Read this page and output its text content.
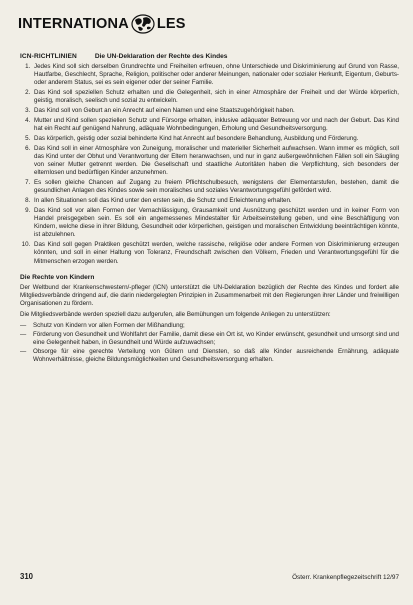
INTERNATIONA LES
ICN-RICHTLINIEN	Die UN-Deklaration der Rechte des Kindes
1. Jedes Kind soll sich derselben Grundrechte und Freiheiten erfreuen, ohne Unterschiede und Diskriminierung auf Grund von Rasse, Hautfarbe, Geschlecht, Sprache, Religion, politischer oder anderer Meinungen, nationaler oder sozialer Herkunft, Eigentum, Geburts- oder anderem Status, sei es sein eigener oder der seiner Familie.
2. Das Kind soll speziellen Schutz erhalten und die Gelegenheit, sich in einer Atmosphäre der Freiheit und der Würde körperlich, geistig, moralisch, seelisch und sozial zu entwickeln.
3. Das Kind soll von Geburt an ein Anrecht auf einen Namen und eine Staatszugehörigkeit haben.
4. Mutter und Kind sollen speziellen Schutz und Fürsorge erhalten, inklusive adäquater Betreuung vor und nach der Geburt. Das Kind hat ein Recht auf genügend Nahrung, adäquate Wohnbedingungen, Erholung und Gesundheitsversorgung.
5. Das körperlich, geistig oder sozial behinderte Kind hat Anrecht auf besondere Behandlung, Ausbildung und Förderung.
6. Das Kind soll in einer Atmosphäre von Zuneigung, moralischer und materieller Sicherheit aufwachsen. Wann immer es möglich, soll das Kind unter der Obhut und Verantwortung der Eltern heranwachsen, und nur in ganz außergewöhnlichen Fällen soll ein Säugling von seiner Mutter getrennt werden. Die Gesellschaft und staatliche Autoritäten haben die Verpflichtung, sich besonders der elternlosen und bedürftigen Kinder anzunehmen.
7. Es sollen gleiche Chancen auf Zugang zu freiem Pflichtschulbesuch, wenigstens der Elementarstufen, bestehen, damit die gesundlichen Anlagen des Kindes sowie sein moralisches und soziales Verantwortungsgefühl gefördert wird.
8. In allen Situationen soll das Kind unter den ersten sein, die Schutz und Erleichterung erhalten.
9. Das Kind soll vor allen Formen der Vernachlässigung, Grausamkeit und Ausnützung geschützt werden und in keiner Form von Handel preisgegeben sein. Es soll ein angemessenes Mindestalter für Arbeitseinstellung geben, und eine Beschäftigung von Kindern, welche diese in ihrer Bildung, Gesundheit oder körperlichen, geistigen und moralischen Entwicklung beeinträchtigen könnte, ist abzulehnen.
10. Das Kind soll gegen Praktiken geschützt werden, welche rassische, religiöse oder andere Formen von Diskriminierung erzeugen könnten, und soll in einer Haltung von Toleranz, Freundschaft zwischen den Völkern, Frieden und Verantwortungsgefühl für die Mitmenschen erzogen werden.
Die Rechte von Kindern

Der Weltbund der Krankenschwestern/-pfleger (ICN) unterstützt die UN-Deklaration bezüglich der Rechte des Kindes und fordert alle Mitgliedsverbände dringend auf, die darin niedergelegten Prinzipien in Zusammenarbeit mit den Regierungen ihrer Länder und freiwilligen Organisationen zu fördern.

Die Mitgliedsverbände werden speziell dazu aufgerufen, alle Bemühungen um folgende Anliegen zu unterstützen:

— Schutz von Kindern vor allen Formen der Mißhandlung;
— Förderung von Gesundheit und Wohlfahrt der Familie, damit diese ein Ort ist, wo Kinder erwünscht, gesundheit und umsorgt sind und eine Gelegenheit haben, in Gesundheit und Würde aufzuwachsen;
— Obsorge für eine gerechte Verteilung von Gütern und Diensten, so daß alle Kinder ausreichende Ernährung, adäquate Wohnverhältnisse, gleiche Bildungsmöglichkeiten und Gesundheitsversorgung erhalten.
310	Österr. Krankenpflegezeitschrift 12/97
